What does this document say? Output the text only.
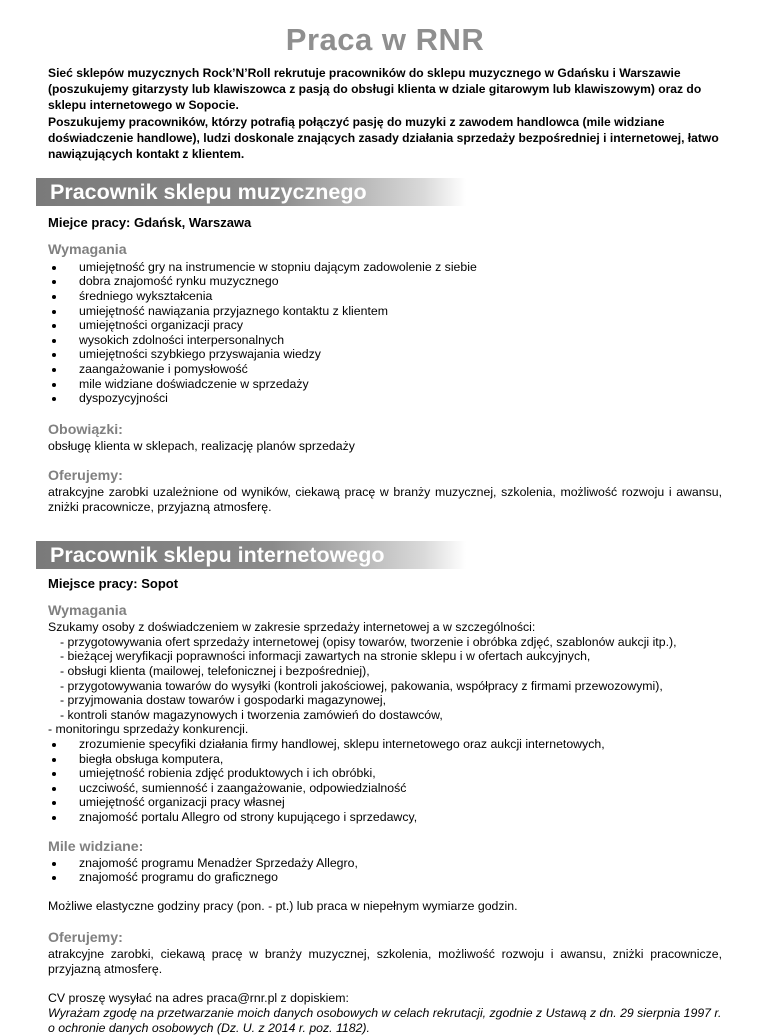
Praca w RNR

Sieć sklepów muzycznych Rock’N’Roll rekrutuje pracowników do sklepu muzycznego w Gdańsku i Warszawie (poszukujemy gitarzysty lub klawiszowca z pasją do obsługi klienta w dziale gitarowym lub klawiszowym) oraz do sklepu internetowego w Sopocie.

Poszukujemy pracowników, którzy potrafią połączyć pasję do muzyki z zawodem handlowca (mile widziane doświadczenie handlowe), ludzi doskonale znających zasady działania sprzedaży bezpośredniej i internetowej, łatwo nawiązujących kontakt z klientem.

Pracownik sklepu muzycznego

Miejce pracy: Gdańsk, Warszawa

Wymagania
umiejętność gry na instrumencie w stopniu dającym zadowolenie z siebie
dobra znajomość rynku muzycznego
średniego wykształcenia
umiejętność nawiązania przyjaznego kontaktu z klientem
umiejętności organizacji pracy
wysokich zdolności interpersonalnych
umiejętności szybkiego przyswajania wiedzy
zaangażowanie i pomysłowość
mile widziane doświadczenie w sprzedaży
dyspozycyjności
Obowiązki:

obsługę klienta w sklepach, realizację planów sprzedaży

Oferujemy:

atrakcyjne zarobki uzależnione od wyników, ciekawą pracę w branży muzycznej, szkolenia, możliwość rozwoju i awansu, zniżki pracownicze, przyjazną atmosferę.

Pracownik sklepu internetowego

Miejsce pracy: Sopot

Wymagania

Szukamy osoby z doświadczeniem w zakresie sprzedaży internetowej a w szczególności:

- przygotowywania ofert sprzedaży internetowej (opisy towarów, tworzenie i obróbka zdjęć, szablonów aukcji itp.),
- bieżącej weryfikacji poprawności informacji zawartych na stronie sklepu i w ofertach aukcyjnych,
- obsługi klienta (mailowej, telefonicznej i bezpośredniej),
- przygotowywania towarów do wysyłki (kontroli jakościowej, pakowania, współpracy z firmami przewozowymi),
- przyjmowania dostaw towarów i gospodarki magazynowej,
- kontroli stanów magazynowych i tworzenia zamówień do dostawców,
- monitoringu sprzedaży konkurencji.
zrozumienie specyfiki działania firmy handlowej, sklepu internetowego oraz aukcji internetowych,
biegła obsługa komputera,
umiejętność robienia zdjęć produktowych i ich obróbki,
uczciwość, sumienność i zaangażowanie, odpowiedzialność
umiejętność organizacji pracy własnej
znajomość portalu Allegro od strony kupującego i sprzedawcy,
Mile widziane:
znajomość programu Menadżer Sprzedaży Allegro,
znajomość programu do graficznego

Możliwe elastyczne godziny pracy (pon. - pt.) lub praca w niepełnym wymiarze godzin.

Oferujemy:

atrakcyjne zarobki, ciekawą pracę w branży muzycznej, szkolenia, możliwość rozwoju i awansu, zniżki pracownicze, przyjazną atmosferę.

CV proszę wysyłać na adres praca@rnr.pl z dopiskiem:

Wyrażam zgodę na przetwarzanie moich danych osobowych w celach rekrutacji, zgodnie z Ustawą z dn. 29 sierpnia 1997 r. o ochronie danych osobowych (Dz. U. z 2014 r. poz. 1182).
